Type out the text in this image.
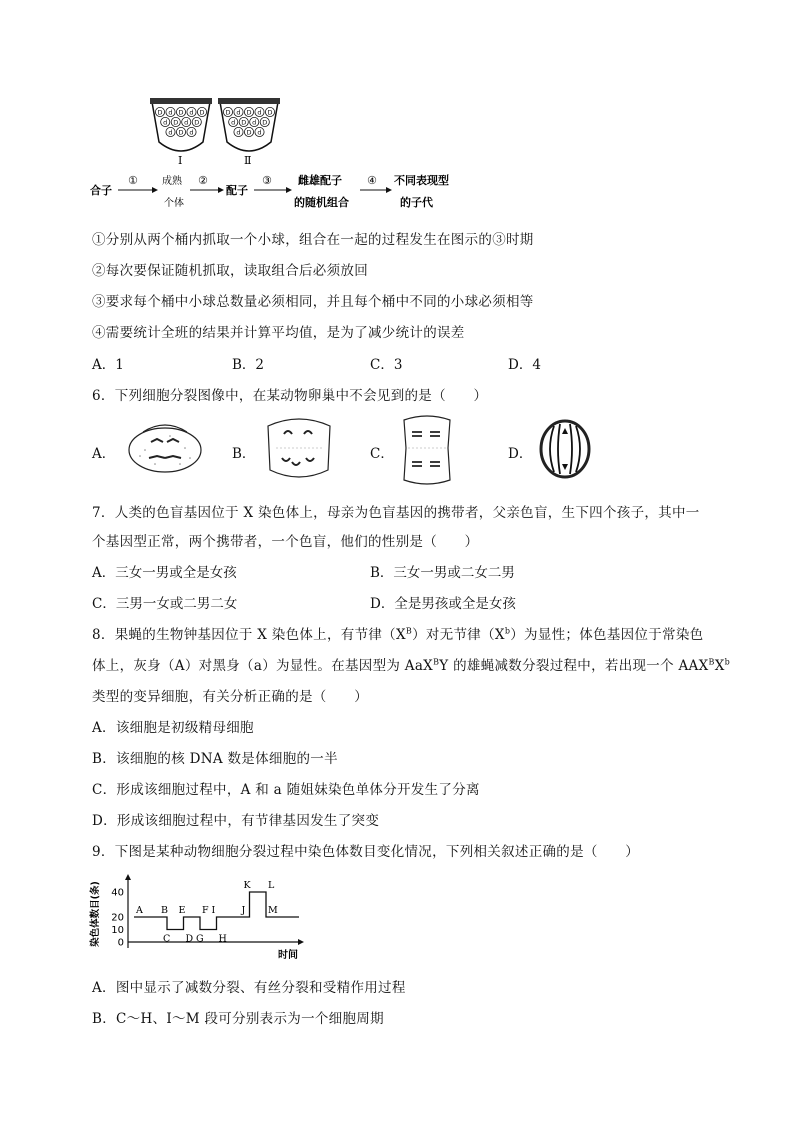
D d D d D
d D d D
d D d
Ⅰ
D d D d D
d D d D
d D d
Ⅱ
合子
① 成熟
个体
②
配子
③ 雌雄配子
的随机组合
④ 不同表现型
的子代
①分别从两个桶内抓取一个小球，组合在一起的过程发生在图示的③时期
②每次要保证随机抓取，读取组合后必须放回
③要求每个桶中小球总数量必须相同，并且每个桶中不同的小球必须相等
④需要统计全班的结果并计算平均值，是为了减少统计的误差
A．1	B．2	C．3	D．4
6．下列细胞分裂图像中，在某动物卵巢中不会见到的是（　　）
A．	B．	C．	D．
7．人类的色盲基因位于 X 染色体上，母亲为色盲基因的携带者，父亲色盲，生下四个孩子，其中一
个基因型正常，两个携带者，一个色盲，他们的性别是（　　）
A．三女一男或全是女孩	B．三女一男或二女二男
C．三男一女或二男二女	D．全是男孩或全是女孩
8．果蝇的生物钟基因位于 X 染色体上，有节律$(X^B)$对无节律$(X^b)$为显性；体色基因位于常染色
体上，灰身（A）对黑身（a）为显性。在基因型为 AaX$^B$Y 的雄蝇减数分裂过程中，若出现一个 $AAX^BX^b$
类型的变异细胞，有关分析正确的是（　　）
A．该细胞是初级精母细胞
B．该细胞的核 DNA 数是体细胞的一半
C．形成该细胞过程中，A 和 a 随姐妹染色单体分开发生了分离
D．形成该细胞过程中，有节律基因发生了突变
9．下图是某种动物细胞分裂过程中染色体数目变化情况，下列相关叙述正确的是（　　）
0
10
20
40
染色体数目(条)
时间
A B
C D
E F
G H
I	J
K L
M
A．图中显示了减数分裂、有丝分裂和受精作用过程
B．C～H、I～M 段可分别表示为一个细胞周期
